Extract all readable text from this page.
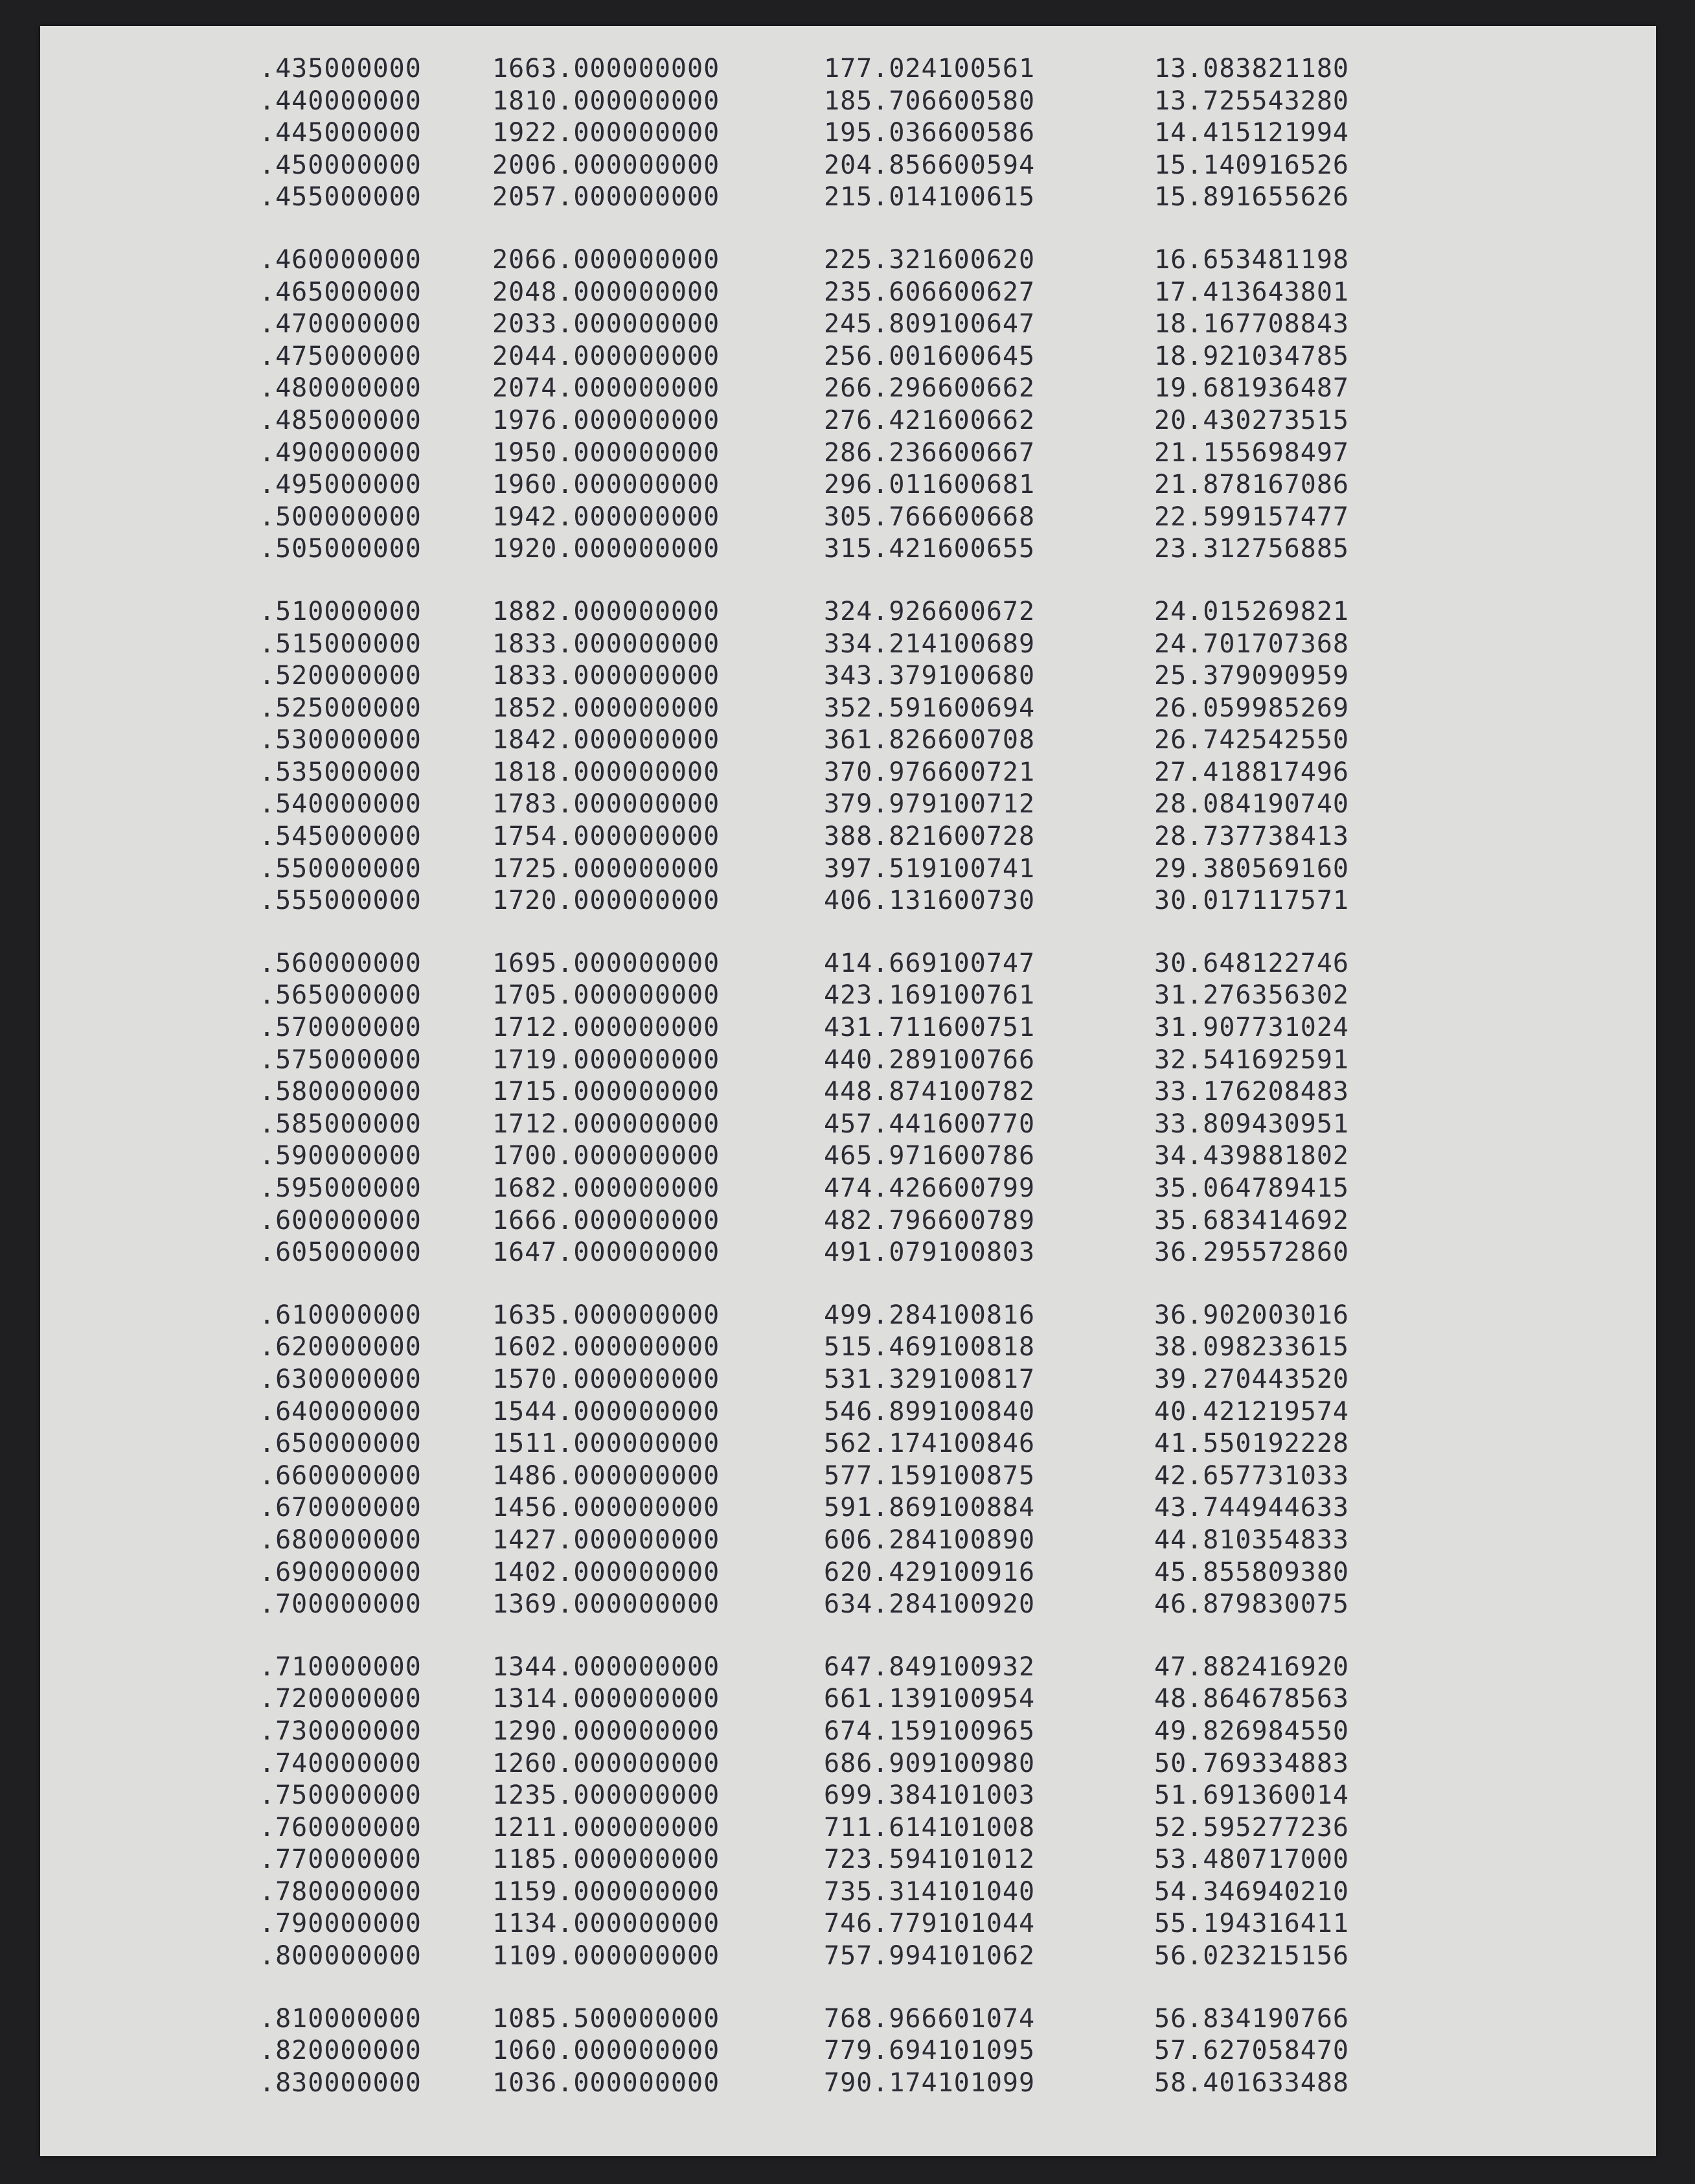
.435000000	1663.000000000	177.024100561	13.083821180
.440000000	1810.000000000	185.706600580	13.725543280
.445000000	1922.000000000	195.036600586	14.415121994
.450000000	2006.000000000	204.856600594	15.140916526
.455000000	2057.000000000	215.014100615	15.891655626
.460000000	2066.000000000	225.321600620	16.653481198
.465000000	2048.000000000	235.606600627	17.413643801
.470000000	2033.000000000	245.809100647	18.167708843
.475000000	2044.000000000	256.001600645	18.921034785
.480000000	2074.000000000	266.296600662	19.681936487
.485000000	1976.000000000	276.421600662	20.430273515
.490000000	1950.000000000	286.236600667	21.155698497
.495000000	1960.000000000	296.011600681	21.878167086
.500000000	1942.000000000	305.766600668	22.599157477
.505000000	1920.000000000	315.421600655	23.312756885
.510000000	1882.000000000	324.926600672	24.015269821
.515000000	1833.000000000	334.214100689	24.701707368
.520000000	1833.000000000	343.379100680	25.379090959
.525000000	1852.000000000	352.591600694	26.059985269
.530000000	1842.000000000	361.826600708	26.742542550
.535000000	1818.000000000	370.976600721	27.418817496
.540000000	1783.000000000	379.979100712	28.084190740
.545000000	1754.000000000	388.821600728	28.737738413
.550000000	1725.000000000	397.519100741	29.380569160
.555000000	1720.000000000	406.131600730	30.017117571
.560000000	1695.000000000	414.669100747	30.648122746
.565000000	1705.000000000	423.169100761	31.276356302
.570000000	1712.000000000	431.711600751	31.907731024
.575000000	1719.000000000	440.289100766	32.541692591
.580000000	1715.000000000	448.874100782	33.176208483
.585000000	1712.000000000	457.441600770	33.809430951
.590000000	1700.000000000	465.971600786	34.439881802
.595000000	1682.000000000	474.426600799	35.064789415
.600000000	1666.000000000	482.796600789	35.683414692
.605000000	1647.000000000	491.079100803	36.295572860
.610000000	1635.000000000	499.284100816	36.902003016
.620000000	1602.000000000	515.469100818	38.098233615
.630000000	1570.000000000	531.329100817	39.270443520
.640000000	1544.000000000	546.899100840	40.421219574
.650000000	1511.000000000	562.174100846	41.550192228
.660000000	1486.000000000	577.159100875	42.657731033
.670000000	1456.000000000	591.869100884	43.744944633
.680000000	1427.000000000	606.284100890	44.810354833
.690000000	1402.000000000	620.429100916	45.855809380
.700000000	1369.000000000	634.284100920	46.879830075
.710000000	1344.000000000	647.849100932	47.882416920
.720000000	1314.000000000	661.139100954	48.864678563
.730000000	1290.000000000	674.159100965	49.826984550
.740000000	1260.000000000	686.909100980	50.769334883
.750000000	1235.000000000	699.384101003	51.691360014
.760000000	1211.000000000	711.614101008	52.595277236
.770000000	1185.000000000	723.594101012	53.480717000
.780000000	1159.000000000	735.314101040	54.346940210
.790000000	1134.000000000	746.779101044	55.194316411
.800000000	1109.000000000	757.994101062	56.023215156
.810000000	1085.500000000	768.966601074	56.834190766
.820000000	1060.000000000	779.694101095	57.627058470
.830000000	1036.000000000	790.174101099	58.401633488
